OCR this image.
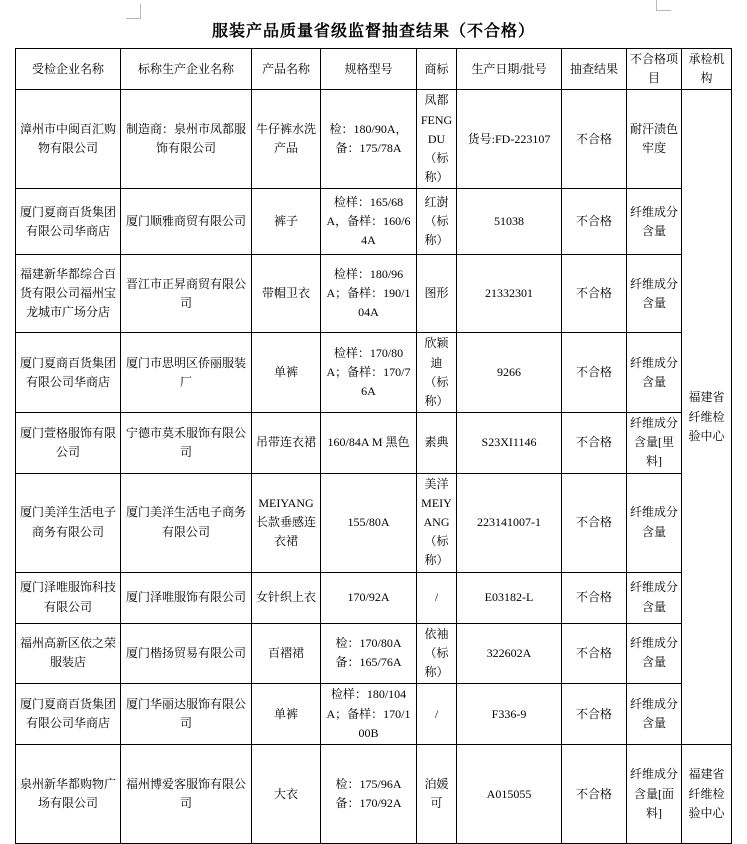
服装产品质量省级监督抽查结果（不合格）
受检企业名称	标称生产企业名称	产品名称	规格型号	商标	生产日期/批号	抽查结果	不合格项目	承检机构
漳州市中闽百汇购物有限公司	制造商：泉州市凤都服饰有限公司	牛仔裤水洗产品	检：180/90A，备：175/78A	凤都 FENG DU（标称）	货号:FD-223107	不合格	耐汗渍色牢度	福建省纤维检验中心
厦门夏商百货集团有限公司华商店	厦门顺雅商贸有限公司	裤子	检样：165/68A，备样：160/64A	红澍（标称）	51038	不合格	纤维成分含量	
福建新华都综合百货有限公司福州宝龙城市广场分店	晋江市正昇商贸有限公司	带帽卫衣	检样：180/96A；备样：190/104A	图形	21332301	不合格	纤维成分含量	
厦门夏商百货集团有限公司华商店	厦门市思明区侨丽服装厂	单裤	检样：170/80A；备样：170/76A	欣颖迪（标称）	9266	不合格	纤维成分含量	
厦门萱格服饰有限公司	宁德市莫禾服饰有限公司	吊带连衣裙	160/84A M 黑色	素典	S23XI1146	不合格	纤维成分含量[里料]	
厦门美洋生活电子商务有限公司	厦门美洋生活电子商务有限公司	MEIYANG 长款垂感连衣裙	155/80A	美洋 MEIYANG（标称）	223141007-1	不合格	纤维成分含量	
厦门泽唯服饰科技有限公司	厦门泽唯服饰有限公司	女针织上衣	170/92A	/	E03182-L	不合格	纤维成分含量	
福州高新区依之荣服装店	厦门楷扬贸易有限公司	百褶裙	检：170/80A 备：165/76A	依袖（标称）	322602A	不合格	纤维成分含量	
厦门夏商百货集团有限公司华商店	厦门华丽达服饰有限公司	单裤	检样：180/104A；备样：170/100B	/	F336-9	不合格	纤维成分含量	
泉州新华都购物广场有限公司	福州博爱客服饰有限公司	大衣	检：175/96A 备：170/92A	泊媛可	A015055	不合格	纤维成分含量[面料]	福建省纤维检验中心
